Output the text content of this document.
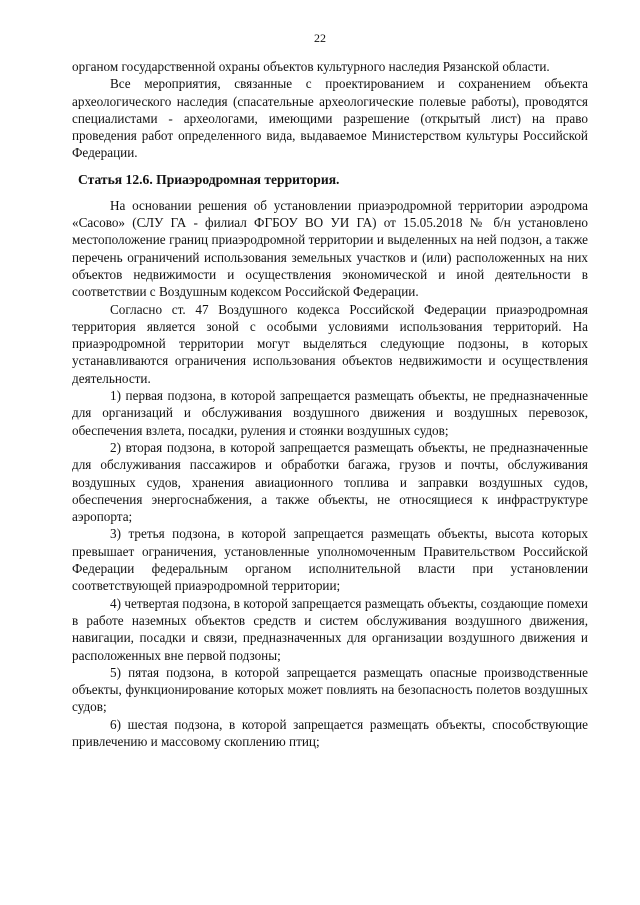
22

органом государственной охраны объектов культурного наследия Рязанской области.

Все мероприятия, связанные с проектированием и сохранением объекта археологического наследия (спасательные археологические полевые работы), проводятся специалистами - археологами, имеющими разрешение (открытый лист) на право проведения работ определенного вида, выдаваемое Министерством культуры Российской Федерации.

Статья 12.6. Приаэродромная территория.

На основании решения об установлении приаэродромной территории аэродрома «Сасово» (СЛУ ГА - филиал ФГБОУ ВО УИ ГА) от 15.05.2018 № б/н установлено местоположение границ приаэродромной территории и выделенных на ней подзон, а также перечень ограничений использования земельных участков и (или) расположенных на них объектов недвижимости и осуществления экономической и иной деятельности в соответствии с Воздушным кодексом Российской Федерации.

Согласно ст. 47 Воздушного кодекса Российской Федерации приаэродромная территория является зоной с особыми условиями использования территорий. На приаэродромной территории могут выделяться следующие подзоны, в которых устанавливаются ограничения использования объектов недвижимости и осуществления деятельности.

1) первая подзона, в которой запрещается размещать объекты, не предназначенные для организаций и обслуживания воздушного движения и воздушных перевозок, обеспечения взлета, посадки, руления и стоянки воздушных судов;

2) вторая подзона, в которой запрещается размещать объекты, не предназначенные для обслуживания пассажиров и обработки багажа, грузов и почты, обслуживания воздушных судов, хранения авиационного топлива и заправки воздушных судов, обеспечения энергоснабжения, а также объекты, не относящиеся к инфраструктуре аэропорта;

3) третья подзона, в которой запрещается размещать объекты, высота которых превышает ограничения, установленные уполномоченным Правительством Российской Федерации федеральным органом исполнительной власти при установлении соответствующей приаэродромной территории;

4) четвертая подзона, в которой запрещается размещать объекты, создающие помехи в работе наземных объектов средств и систем обслуживания воздушного движения, навигации, посадки и связи, предназначенных для организации воздушного движения и расположенных вне первой подзоны;

5) пятая подзона, в которой запрещается размещать опасные производственные объекты, функционирование которых может повлиять на безопасность полетов воздушных судов;

6) шестая подзона, в которой запрещается размещать объекты, способствующие привлечению и массовому скоплению птиц;
